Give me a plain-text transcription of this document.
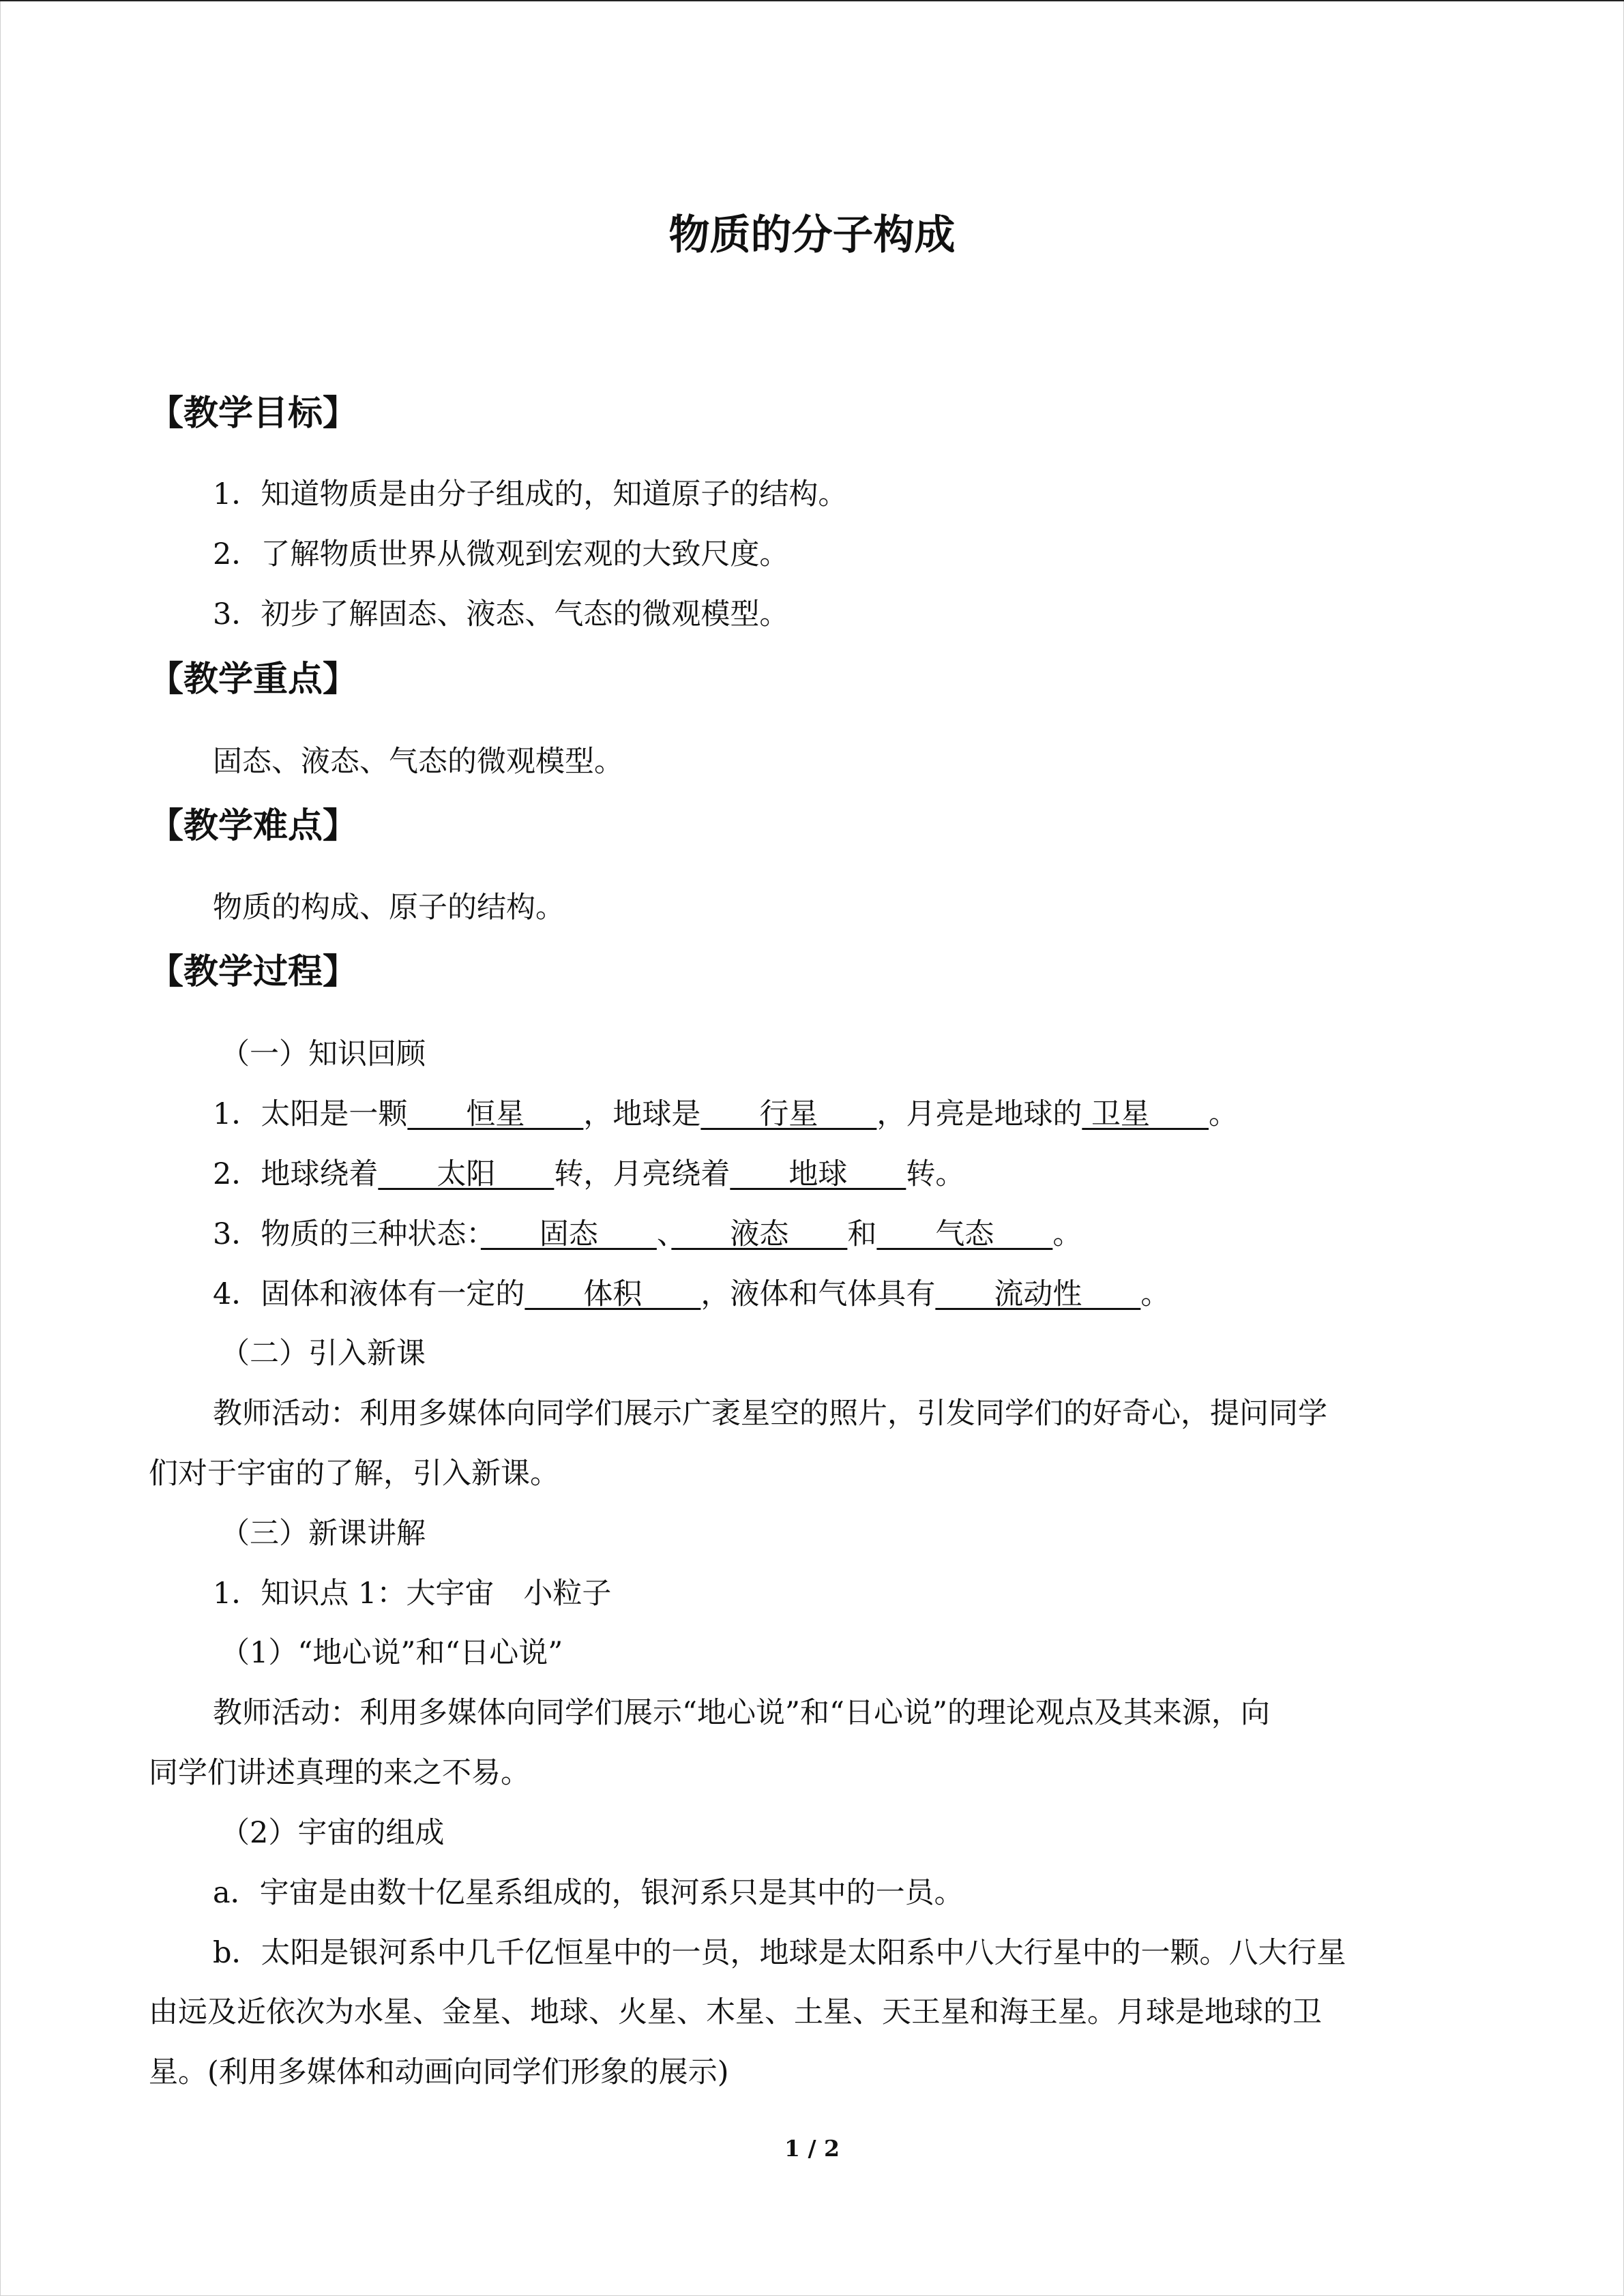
物质的分子构成
【教学目标】
1．知道物质是由分子组成的，知道原子的结构。
2．了解物质世界从微观到宏观的大致尺度。
3．初步了解固态、液态、气态的微观模型。
【教学重点】
固态、液态、气态的微观模型。
【教学难点】
物质的构成、原子的结构。
【教学过程】
（一）知识回顾
1．太阳是一颗　　恒星　　，地球是　　行星　　，月亮是地球的 卫星　　。
2．地球绕着　　太阳　　转，月亮绕着　　地球　　转。
3．物质的三种状态：　　固态　　、　　液态　　和　　气态　　。
4．固体和液体有一定的　　体积　　，液体和气体具有　　流动性　　。
（二）引入新课
教师活动：利用多媒体向同学们展示广袤星空的照片，引发同学们的好奇心，提问同学
们对于宇宙的了解，引入新课。
（三）新课讲解
1．知识点 1：大宇宙　小粒子
（1）“地心说”和“日心说”
教师活动：利用多媒体向同学们展示“地心说”和“日心说”的理论观点及其来源，向
同学们讲述真理的来之不易。
（2）宇宙的组成
a．宇宙是由数十亿星系组成的，银河系只是其中的一员。
b．太阳是银河系中几千亿恒星中的一员，地球是太阳系中八大行星中的一颗。八大行星
由远及近依次为水星、金星、地球、火星、木星、土星、天王星和海王星。月球是地球的卫
星。(利用多媒体和动画向同学们形象的展示)
1 / 2
